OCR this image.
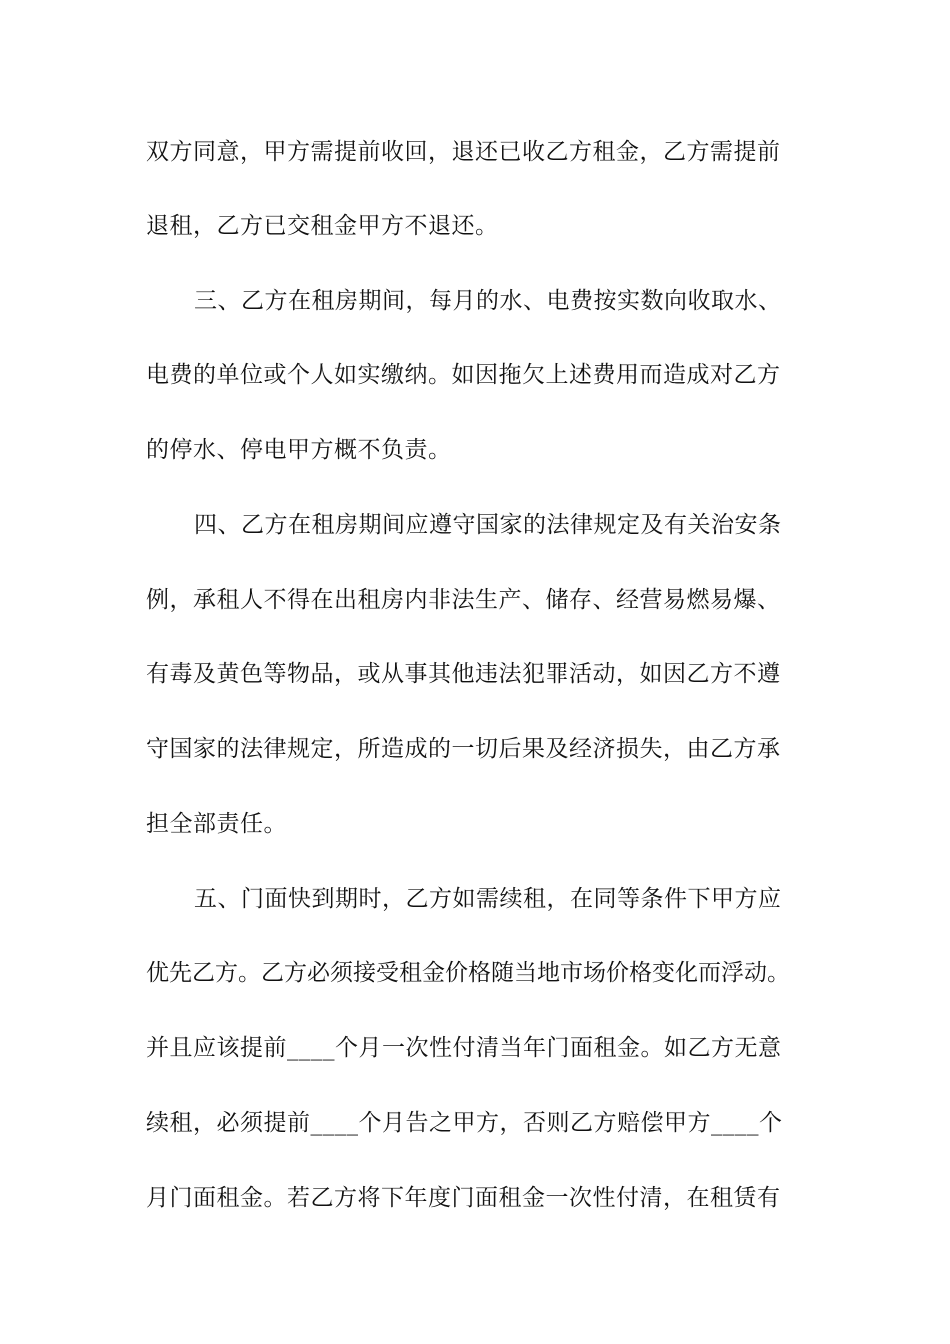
双方同意，甲方需提前收回，退还已收乙方租金，乙方需提前
退租，乙方已交租金甲方不退还。
三、乙方在租房期间，每月的水、电费按实数向收取水、
电费的单位或个人如实缴纳。如因拖欠上述费用而造成对乙方
的停水、停电甲方概不负责。
四、乙方在租房期间应遵守国家的法律规定及有关治安条
例，承租人不得在出租房内非法生产、储存、经营易燃易爆、
有毒及黄色等物品，或从事其他违法犯罪活动，如因乙方不遵
守国家的法律规定，所造成的一切后果及经济损失，由乙方承
担全部责任。
五、门面快到期时，乙方如需续租，在同等条件下甲方应
优先乙方。乙方必须接受租金价格随当地市场价格变化而浮动。
并且应该提前____个月一次性付清当年门面租金。如乙方无意
续租，必须提前____个月告之甲方，否则乙方赔偿甲方____个
月门面租金。若乙方将下年度门面租金一次性付清，在租赁有
